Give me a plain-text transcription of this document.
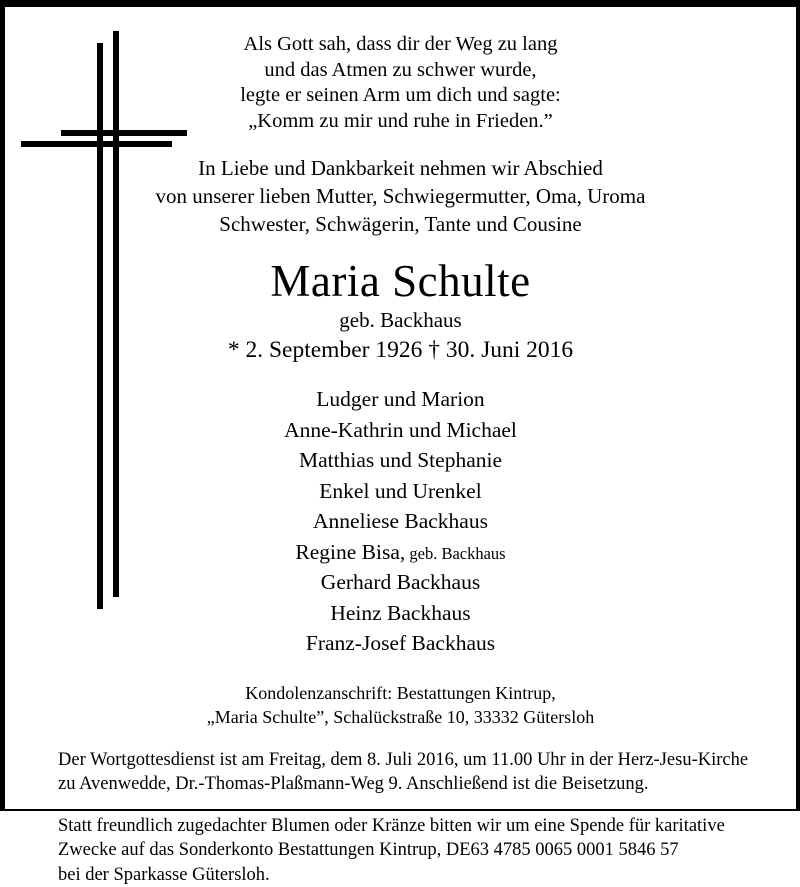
Als Gott sah, dass dir der Weg zu lang
und das Atmen zu schwer wurde,
legte er seinen Arm um dich und sagte:
„Komm zu mir und ruhe in Frieden.”
In Liebe und Dankbarkeit nehmen wir Abschied
von unserer lieben Mutter, Schwiegermutter, Oma, Uroma
Schwester, Schwägerin, Tante und Cousine
Maria Schulte
geb. Backhaus
* 2. September 1926 † 30. Juni 2016
Ludger und Marion
Anne-Kathrin und Michael
Matthias und Stephanie
Enkel und Urenkel
Anneliese Backhaus
Regine Bisa, geb. Backhaus
Gerhard Backhaus
Heinz Backhaus
Franz-Josef Backhaus
Kondolenzanschrift: Bestattungen Kintrup,
„Maria Schulte”, Schalückstraße 10, 33332 Gütersloh
Der Wortgottesdienst ist am Freitag, dem 8. Juli 2016, um 11.00 Uhr in der Herz-Jesu-Kirche
zu Avenwedde, Dr.-Thomas-Plaßmann-Weg 9. Anschließend ist die Beisetzung.
Statt freundlich zugedachter Blumen oder Kränze bitten wir um eine Spende für karitative
Zwecke auf das Sonderkonto Bestattungen Kintrup, DE63 4785 0065 0001 5846 57
bei der Sparkasse Gütersloh.
